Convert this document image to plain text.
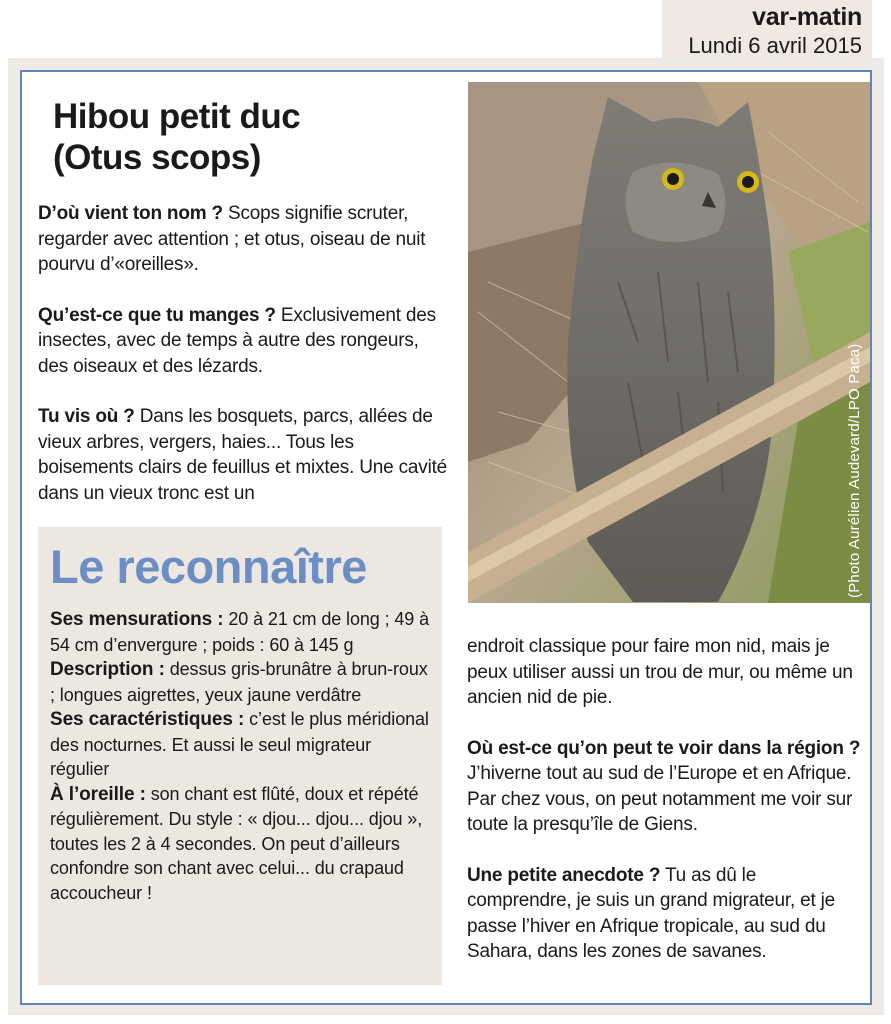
var-matin
Lundi 6 avril 2015
Hibou petit duc
(Otus scops)

D’où vient ton nom ? Scops signifie scruter, regarder avec attention ; et otus, oiseau de nuit pourvu d’«oreilles».

Qu’est-ce que tu manges ? Exclusivement des insectes, avec de temps à autre des rongeurs, des oiseaux et des lézards.

Tu vis où ? Dans les bosquets, parcs, allées de vieux arbres, vergers, haies... Tous les boisements clairs de feuillus et mixtes. Une cavité dans un vieux tronc est un	(Photo Aurélien Audevard/LPO Paca)
Le reconnaître
Ses mensurations : 20 à 21 cm de long ; 49 à 54 cm d’envergure ; poids : 60 à 145 g
Description : dessus gris-brunâtre à brun-roux ; longues aigrettes, yeux jaune verdâtre
Ses caractéristiques : c’est le plus méridional des nocturnes. Et aussi le seul migrateur régulier
À l’oreille : son chant est flûté, doux et répété régulièrement. Du style : « djou... djou... djou », toutes les 2 à 4 secondes. On peut d’ailleurs confondre son chant avec celui... du crapaud accoucheur !

endroit classique pour faire mon nid, mais je peux utiliser aussi un trou de mur, ou même un ancien nid de pie.

Où est-ce qu’on peut te voir dans la région ? J’hiverne tout au sud de l’Europe et en Afrique. Par chez vous, on peut notamment me voir sur toute la presqu’île de Giens.

Une petite anecdote ? Tu as dû le comprendre, je suis un grand migrateur, et je passe l’hiver en Afrique tropicale, au sud du Sahara, dans les zones de savanes.
